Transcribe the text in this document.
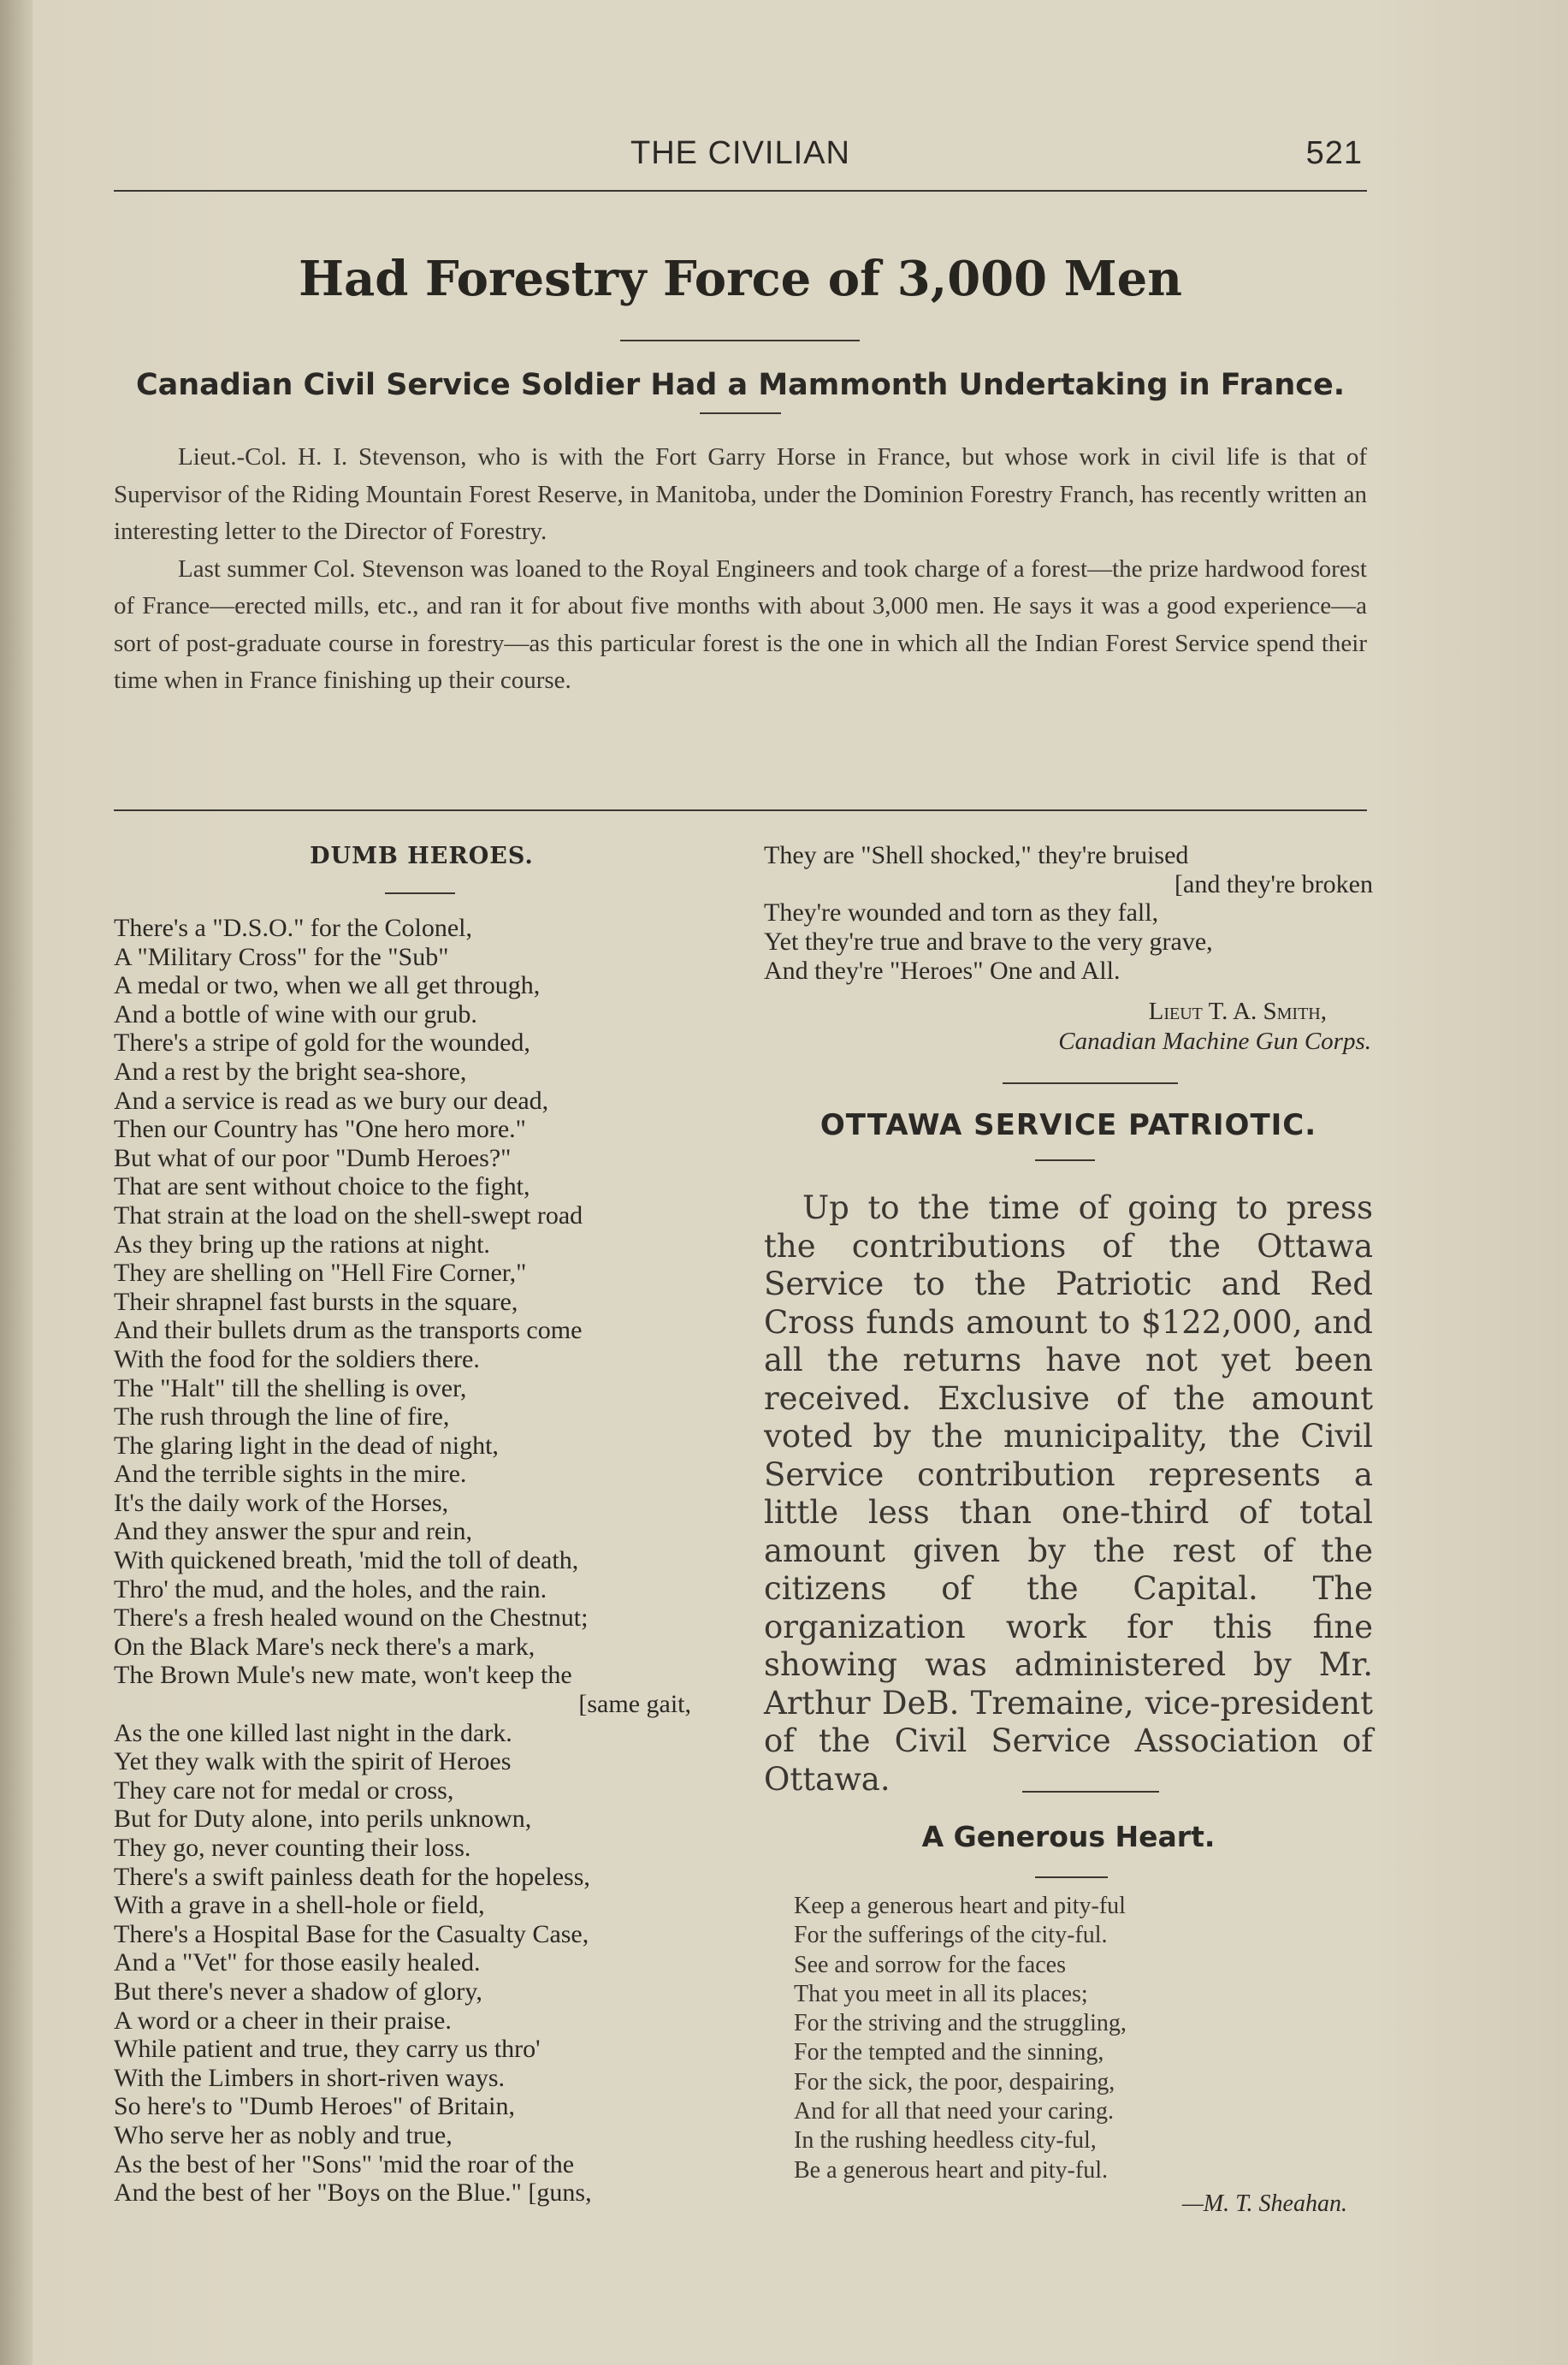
THE CIVILIAN	521
Had Forestry Force of 3,000 Men
Canadian Civil Service Soldier Had a Mammonth Undertaking in France.

Lieut.-Col. H. I. Stevenson, who is with the Fort Garry Horse in France, but whose work in civil life is that of Supervisor of the Riding Mountain Forest Reserve, in Manitoba, under the Dominion Forestry Franch, has recently written an interesting letter to the Director of Forestry.

Last summer Col. Stevenson was loaned to the Royal Engineers and took charge of a forest—the prize hardwood forest of France—erected mills, etc., and ran it for about five months with about 3,000 men. He says it was a good experience—a sort of post-graduate course in forestry—as this particular forest is the one in which all the Indian Forest Service spend their time when in France finishing up their course.

DUMB HEROES.
There's a "D.S.O." for the Colonel,
A "Military Cross" for the "Sub"
A medal or two, when we all get through,
And a bottle of wine with our grub.
There's a stripe of gold for the wounded,
And a rest by the bright sea-shore,
And a service is read as we bury our dead,
Then our Country has "One hero more."
But what of our poor "Dumb Heroes?"
That are sent without choice to the fight,
That strain at the load on the shell-swept road
As they bring up the rations at night.
They are shelling on "Hell Fire Corner,"
Their shrapnel fast bursts in the square,
And their bullets drum as the transports come
With the food for the soldiers there.
The "Halt" till the shelling is over,
The rush through the line of fire,
The glaring light in the dead of night,
And the terrible sights in the mire.
It's the daily work of the Horses,
And they answer the spur and rein,
With quickened breath, 'mid the toll of death,
Thro' the mud, and the holes, and the rain.
There's a fresh healed wound on the Chestnut;
On the Black Mare's neck there's a mark,
The Brown Mule's new mate, won't keep the
[same gait,
As the one killed last night in the dark.
Yet they walk with the spirit of Heroes
They care not for medal or cross,
But for Duty alone, into perils unknown,
They go, never counting their loss.
There's a swift painless death for the hopeless,
With a grave in a shell-hole or field,
There's a Hospital Base for the Casualty Case,
And a "Vet" for those easily healed.
But there's never a shadow of glory,
A word or a cheer in their praise.
While patient and true, they carry us thro'
With the Limbers in short-riven ways.
So here's to "Dumb Heroes" of Britain,
Who serve her as nobly and true,
As the best of her "Sons" 'mid the roar of the
And the best of her "Boys on the Blue." [guns,
They are "Shell shocked," they're bruised
[and they're broken
They're wounded and torn as they fall,
Yet they're true and brave to the very grave,
And they're "Heroes" One and All.
Lieut T. A. Smith,
Canadian Machine Gun Corps.
OTTAWA SERVICE PATRIOTIC.

Up to the time of going to press the contributions of the Ottawa Service to the Patriotic and Red Cross funds amount to $122,000, and all the returns have not yet been received. Exclusive of the amount voted by the municipality, the Civil Service contribution represents a little less than one-third of total amount given by the rest of the citizens of the Capital. The organization work for this fine showing was administered by Mr. Arthur DeB. Tremaine, vice-president of the Civil Service Association of Ottawa.

A Generous Heart.
Keep a generous heart and pity-ful
For the sufferings of the city-ful.
See and sorrow for the faces
That you meet in all its places;
For the striving and the struggling,
For the tempted and the sinning,
For the sick, the poor, despairing,
And for all that need your caring.
In the rushing heedless city-ful,
Be a generous heart and pity-ful.
—M. T. Sheahan.
